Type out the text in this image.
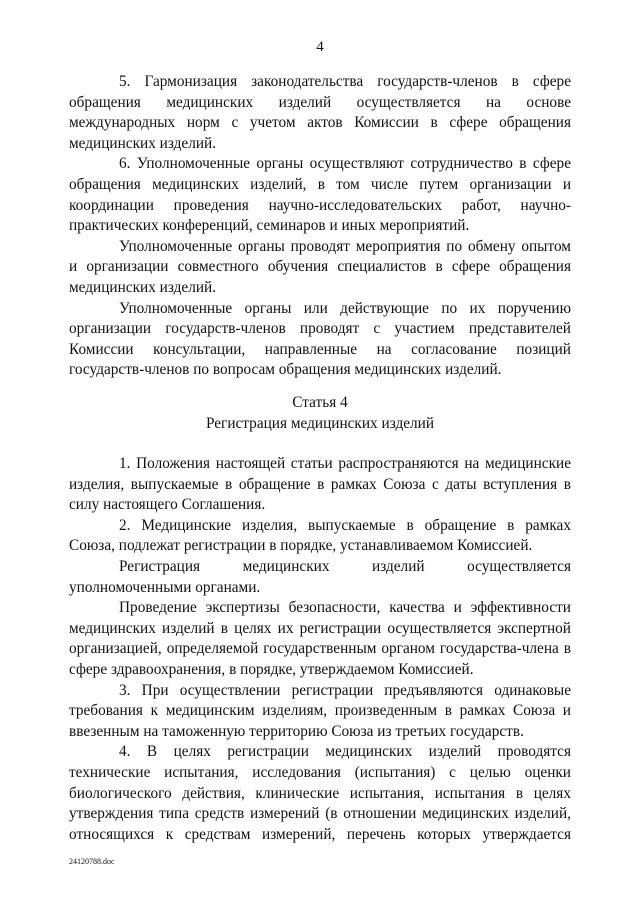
4

5. Гармонизация законодательства государств-членов в сфере обращения медицинских изделий осуществляется на основе международных норм с учетом актов Комиссии в сфере обращения медицинских изделий.

6. Уполномоченные органы осуществляют сотрудничество в сфере обращения медицинских изделий, в том числе путем организации и координации проведения научно-исследовательских работ, научно-практических конференций, семинаров и иных мероприятий.

Уполномоченные органы проводят мероприятия по обмену опытом и организации совместного обучения специалистов в сфере обращения медицинских изделий.

Уполномоченные органы или действующие по их поручению организации государств-членов проводят с участием представителей Комиссии консультации, направленные на согласование позиций государств-членов по вопросам обращения медицинских изделий.

Статья 4
Регистрация медицинских изделий

1. Положения настоящей статьи распространяются на медицинские изделия, выпускаемые в обращение в рамках Союза с даты вступления в силу настоящего Соглашения.

2. Медицинские изделия, выпускаемые в обращение в рамках Союза, подлежат регистрации в порядке, устанавливаемом Комиссией.

Регистрация медицинских изделий осуществляется уполномоченными органами.

Проведение экспертизы безопасности, качества и эффективности медицинских изделий в целях их регистрации осуществляется экспертной организацией, определяемой государственным органом государства-члена в сфере здравоохранения, в порядке, утверждаемом Комиссией.

3. При осуществлении регистрации предъявляются одинаковые требования к медицинским изделиям, произведенным в рамках Союза и ввезенным на таможенную территорию Союза из третьих государств.

4. В целях регистрации медицинских изделий проводятся технические испытания, исследования (испытания) с целью оценки биологического действия, клинические испытания, испытания в целях утверждения типа средств измерений (в отношении медицинских изделий, относящихся к средствам измерений, перечень которых утверждается

24120788.doc
